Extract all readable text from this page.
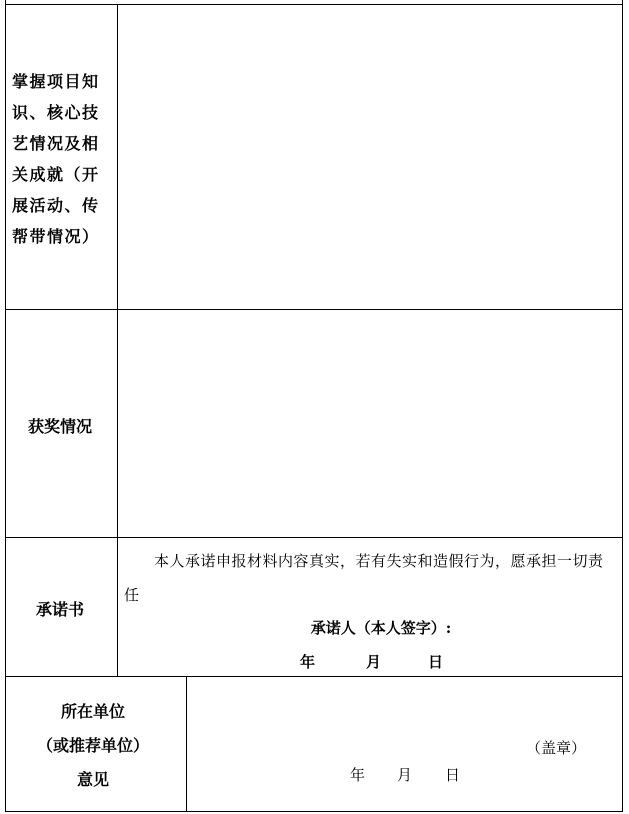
掌握项目知识、核心技艺情况及相关成就（开展活动、传帮带情况）
获奖情况
承诺书
本人承诺申报材料内容真实，若有失实和造假行为，愿承担一切责任
承诺人（本人签字）:
年	月	日
所在单位
（或推荐单位）
意见
（盖章）
年 月 日
